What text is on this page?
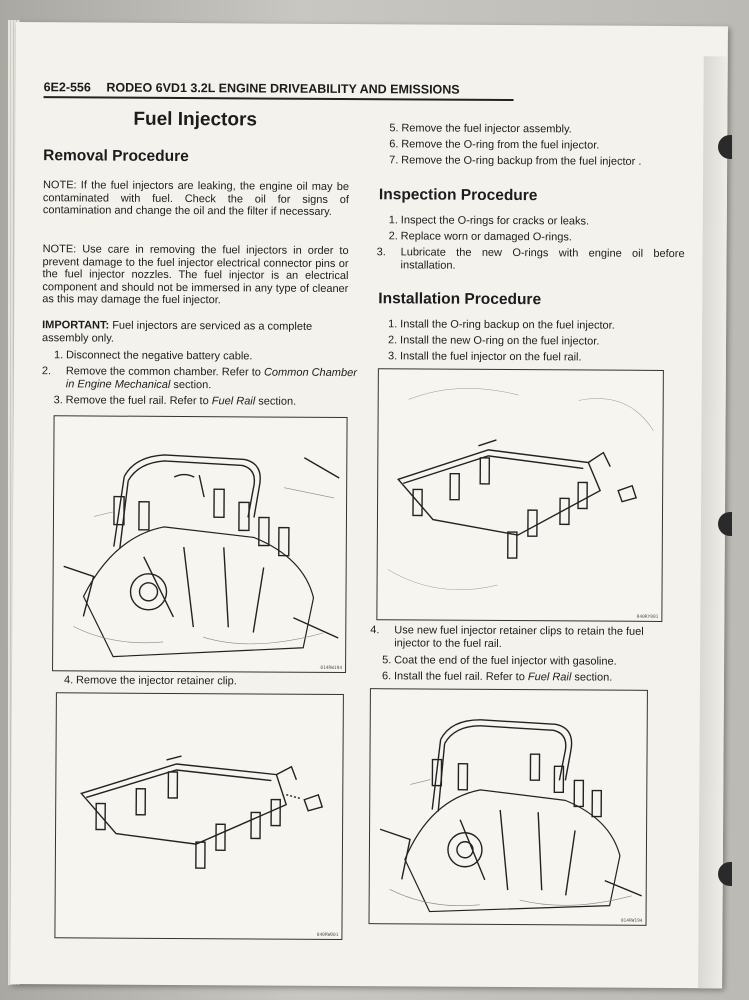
6E2-556 RODEO 6VD1 3.2L ENGINE DRIVEABILITY AND EMISSIONS
Fuel Injectors
Removal Procedure
NOTE: If the fuel injectors are leaking, the engine oil may be contaminated with fuel. Check the oil for signs of contamination and change the oil and the filter if necessary.
NOTE: Use care in removing the fuel injectors in order to prevent damage to the fuel injector electrical connector pins or the fuel injector nozzles. The fuel injector is an electrical component and should not be immersed in any type of cleaner as this may damage the fuel injector.
IMPORTANT: Fuel injectors are serviced as a complete assembly only.
1. Disconnect the negative battery cable.
2. Remove the common chamber. Refer to Common Chamber in Engine Mechanical section.
3. Remove the fuel rail. Refer to Fuel Rail section.
014RW194
4. Remove the injector retainer clip.
040RW001
5. Remove the fuel injector assembly.
6. Remove the O-ring from the fuel injector.
7. Remove the O-ring backup from the fuel injector .
Inspection Procedure
1. Inspect the O-rings for cracks or leaks.
2. Replace worn or damaged O-rings.
3. Lubricate the new O-rings with engine oil before installation.
Installation Procedure
1. Install the O-ring backup on the fuel injector.
2. Install the new O-ring on the fuel injector.
3. Install the fuel injector on the fuel rail.
040RY001
4. Use new fuel injector retainer clips to retain the fuel injector to the fuel rail.
5. Coat the end of the fuel injector with gasoline.
6. Install the fuel rail. Refer to Fuel Rail section.
014RW194
